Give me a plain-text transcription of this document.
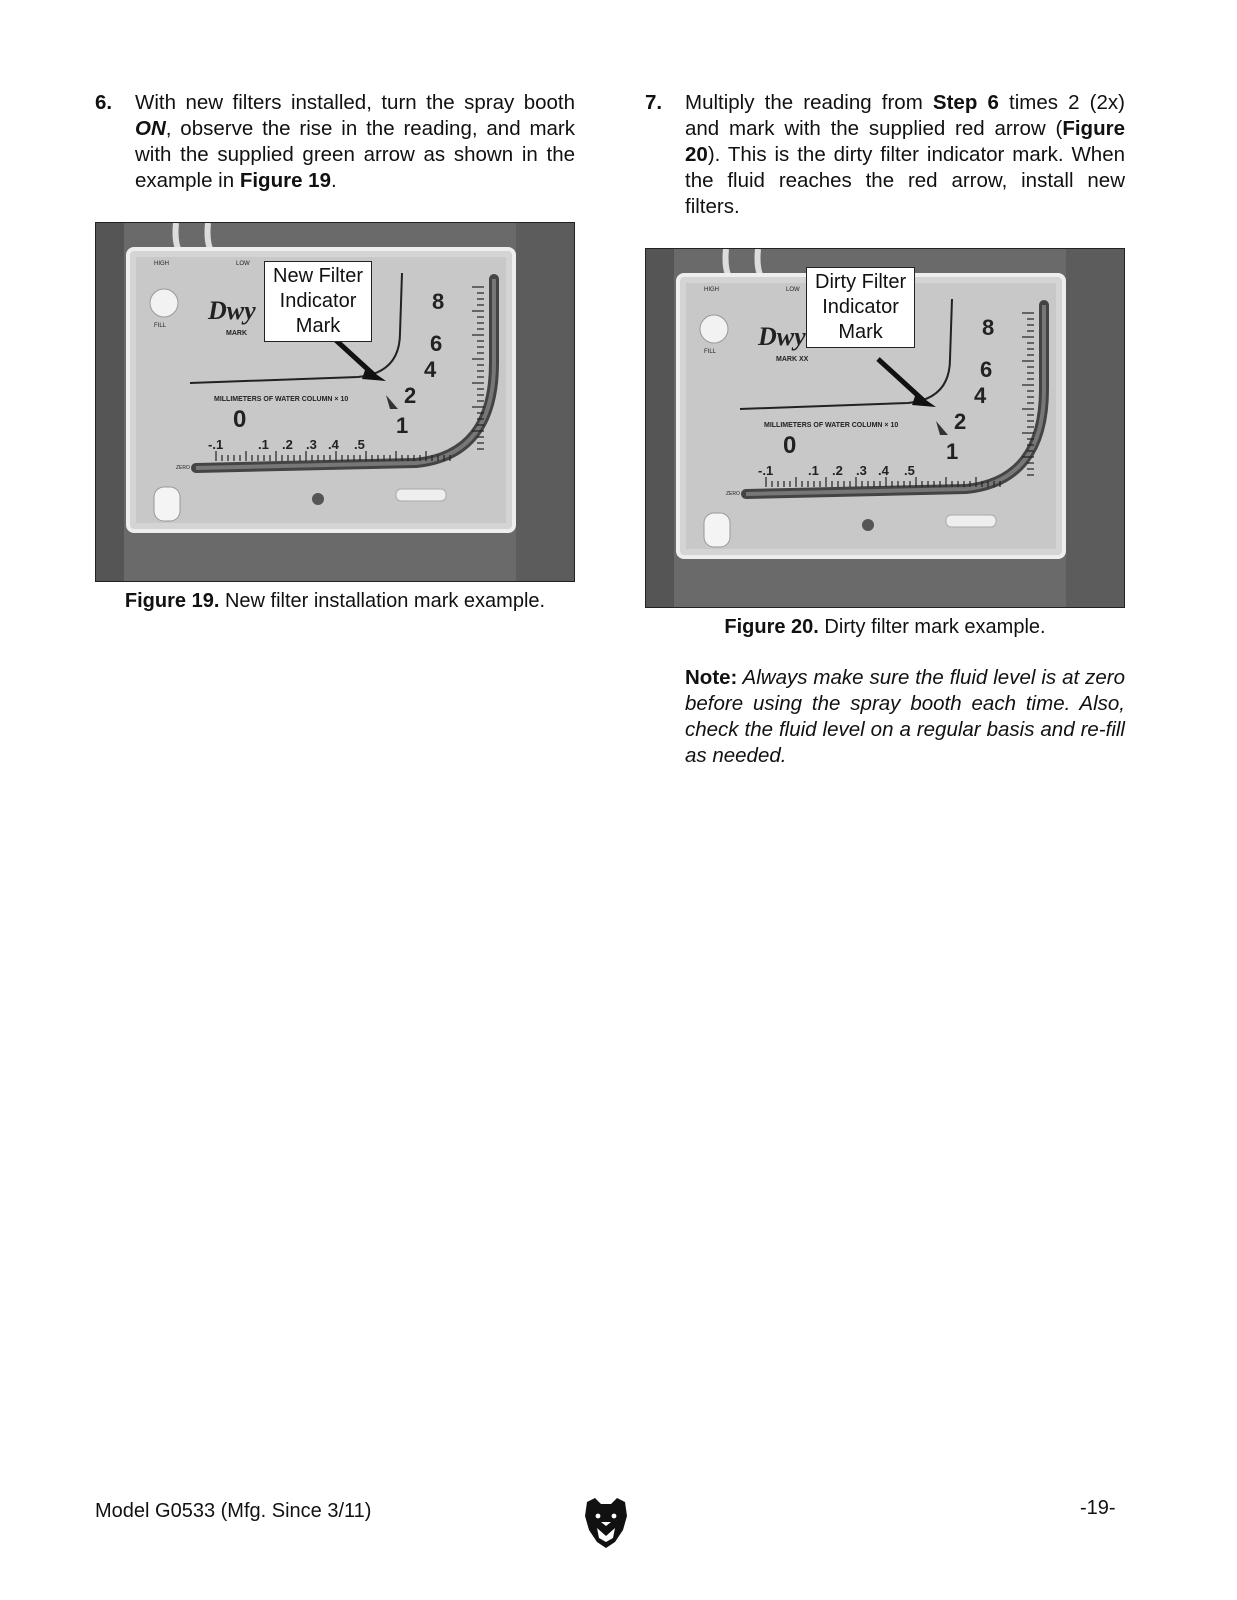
6.	With new filters installed, turn the spray booth ON, observe the rise in the reading, and mark with the supplied green arrow as shown in the example in Figure 19.
HIGH	LOW
FILL
ZERO SET
Dwy
MARK
MILLIMETERS OF WATER COLUMN × 10
0
-.1	.1 .2 .3 .4 .5
8
6
4
2
1
New Filter
Indicator
Mark
Figure 19. New filter installation mark example.
7.	Multiply the reading from Step 6 times 2 (2x) and mark with the supplied red arrow (Figure 20). This is the dirty filter indicator mark. When the fluid reaches the red arrow, install new filters.
HIGH	LOW
FILL
ZERO SET
Dwy
MARK XX
MILLIMETERS OF WATER COLUMN × 10
0
-.1	.1 .2 .3 .4 .5
8
6
4
2
1
Dirty Filter
Indicator
Mark
Figure 20. Dirty filter mark example.
Note: Always make sure the fluid level is at zero before using the spray booth each time. Also, check the fluid level on a regular basis and re-fill as needed.
Model G0533 (Mfg. Since 3/11)	-19-
